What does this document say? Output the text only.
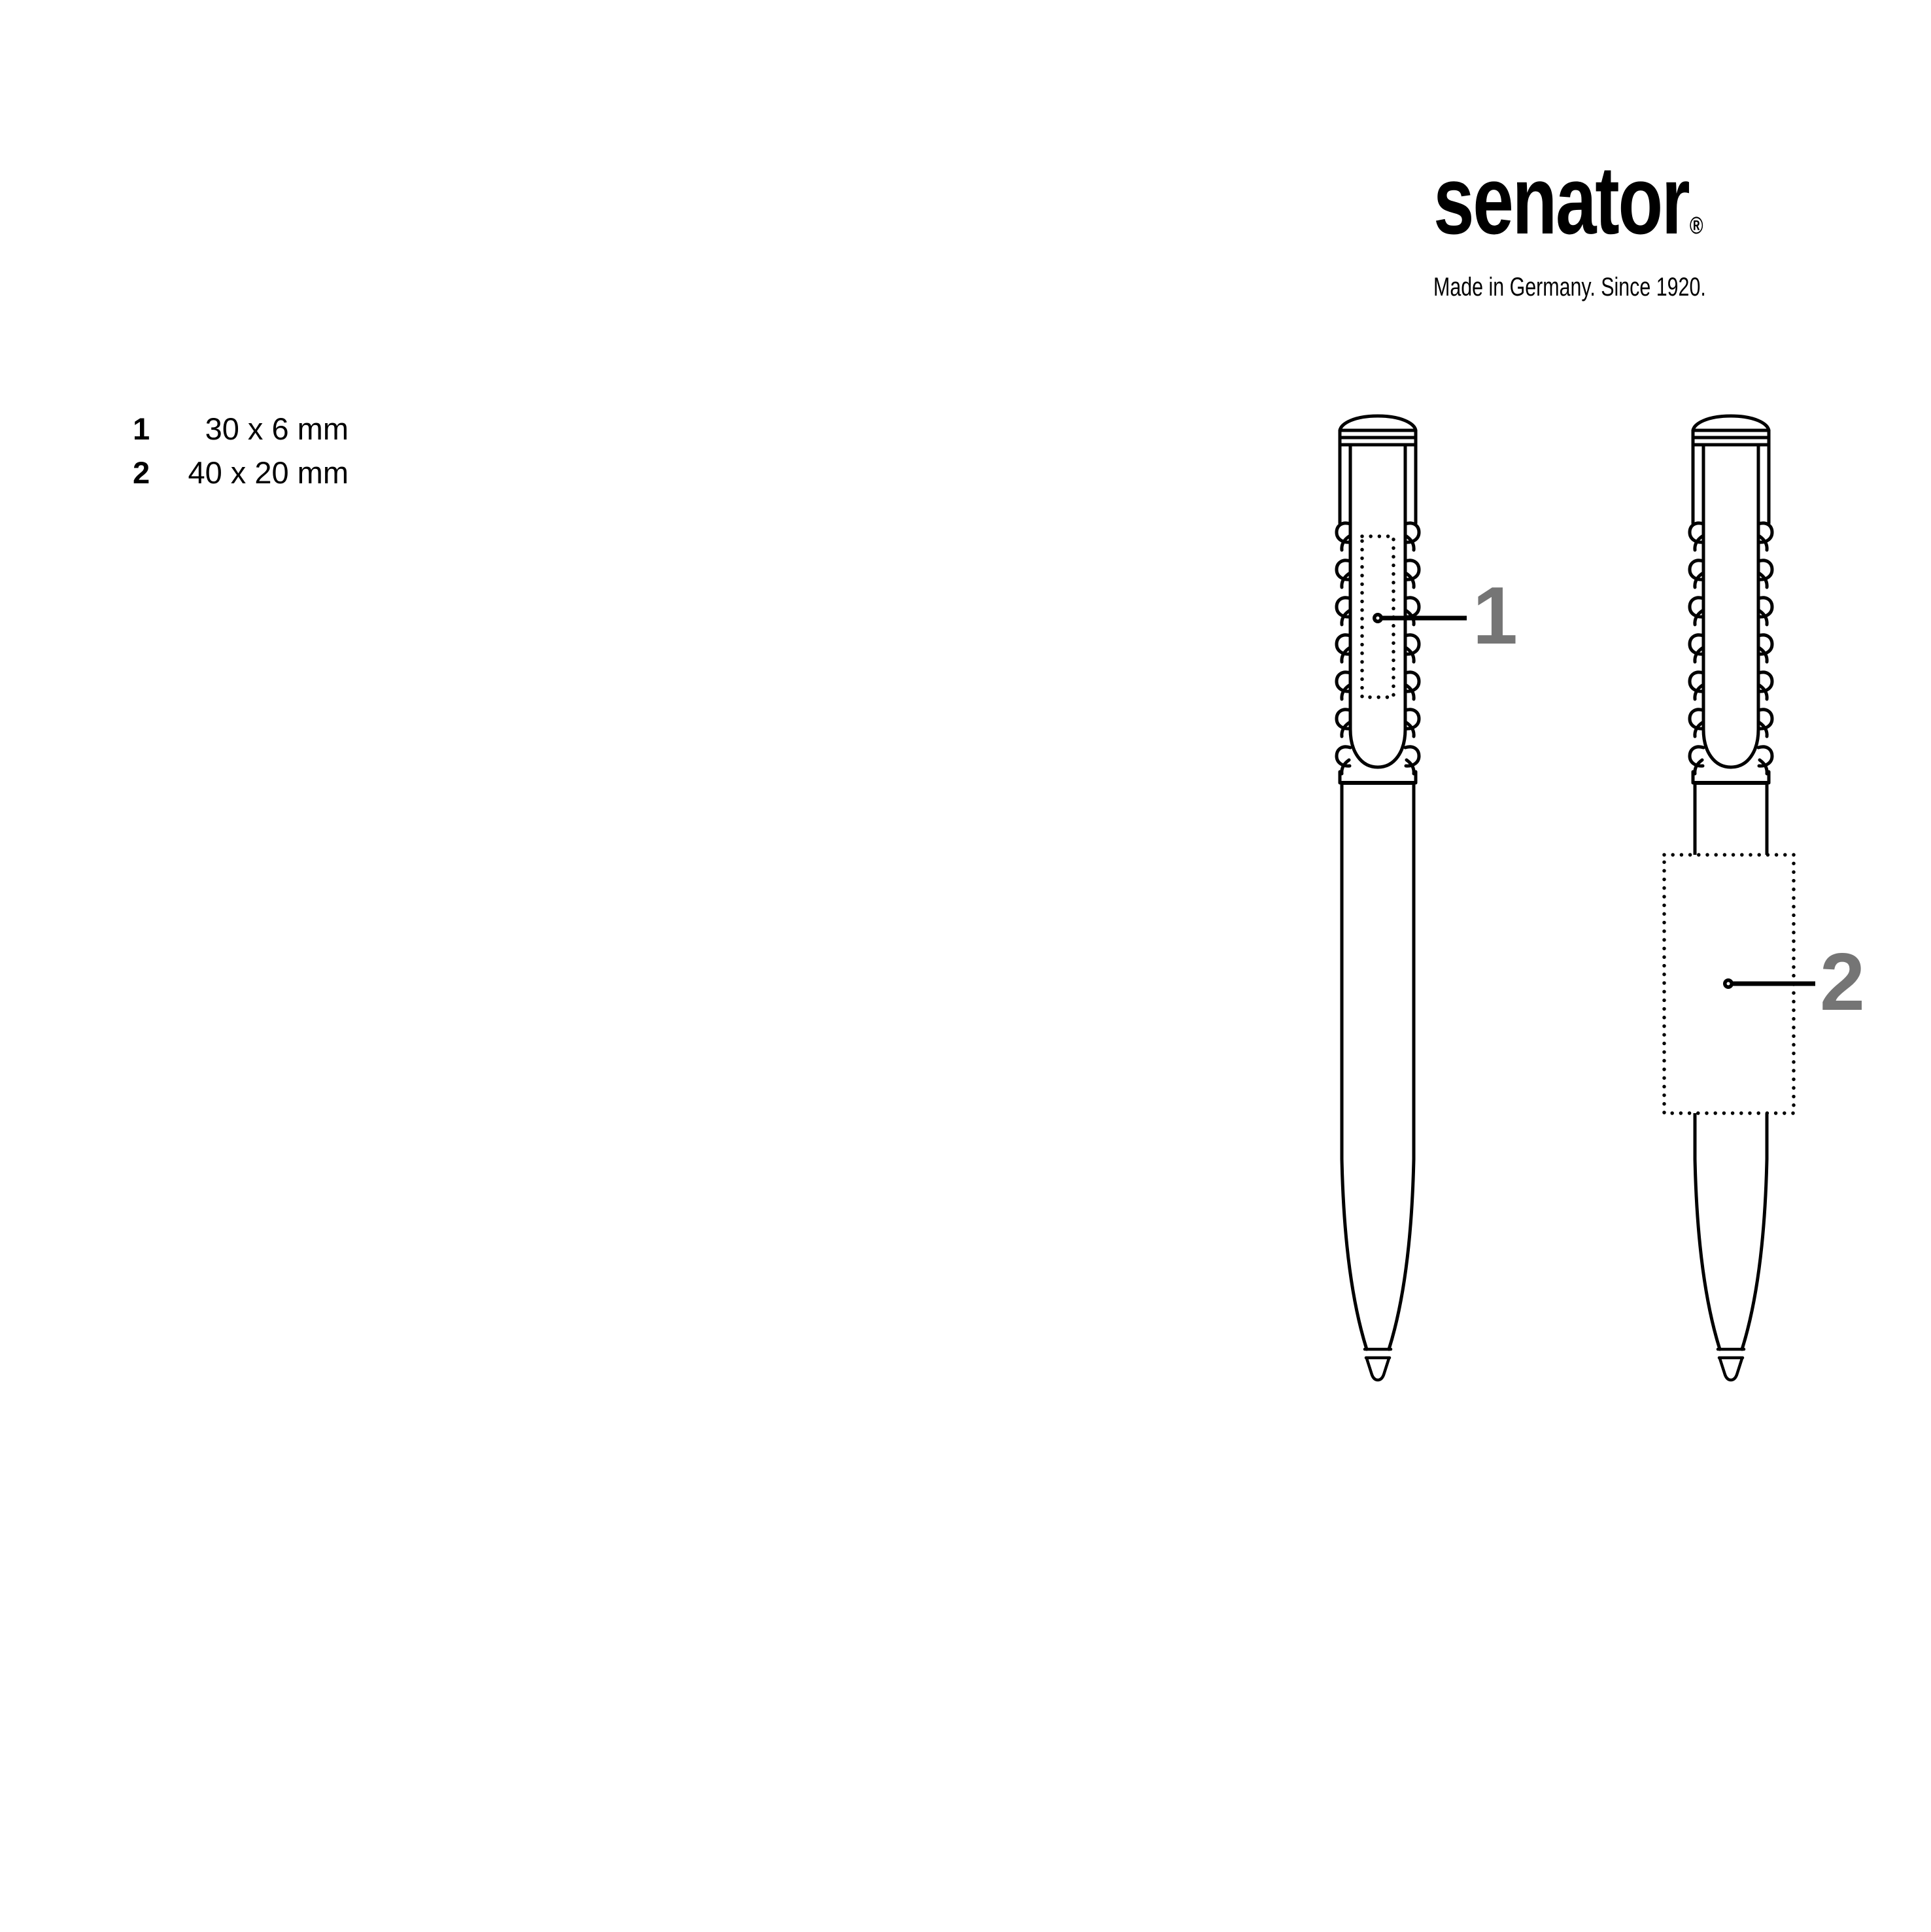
senator®
Made in Germany. Since 1920.
1	30 x 6 mm
2	40 x 20 mm
1
2
